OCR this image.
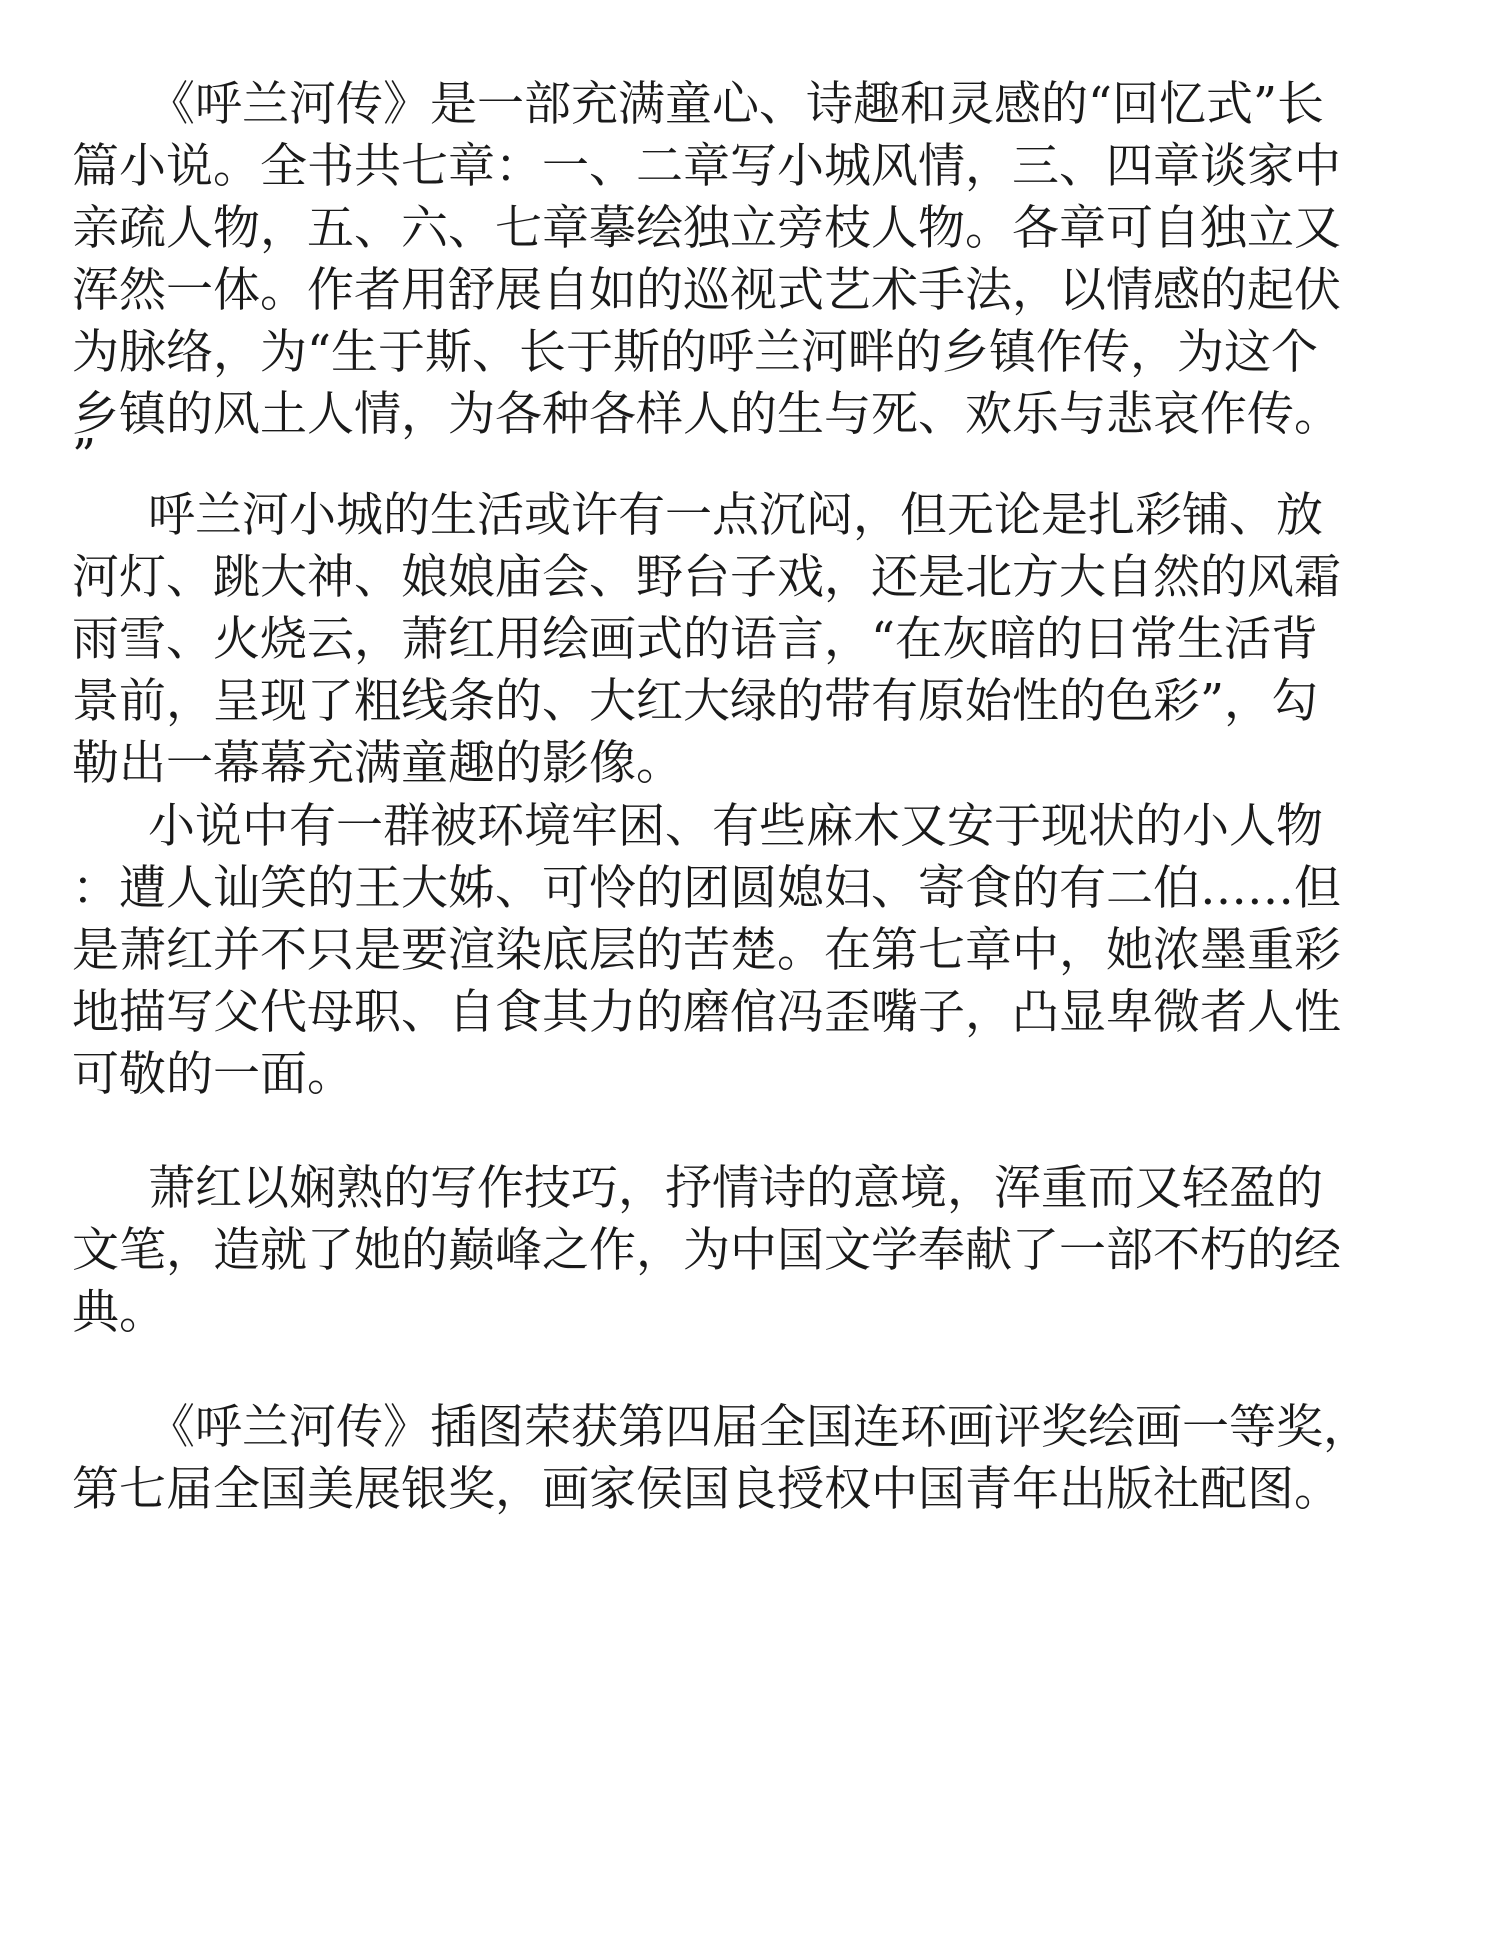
《呼兰河传》是一部充满童心、诗趣和灵感的“回忆式”长

篇小说。全书共七章：一、二章写小城风情，三、四章谈家中

亲疏人物，五、六、七章摹绘独立旁枝人物。各章可自独立又

浑然一体。作者用舒展自如的巡视式艺术手法，以情感的起伏

为脉络，为“生于斯、长于斯的呼兰河畔的乡镇作传，为这个

乡镇的风土人情，为各种各样人的生与死、欢乐与悲哀作传。

”

呼兰河小城的生活或许有一点沉闷，但无论是扎彩铺、放

河灯、跳大神、娘娘庙会、野台子戏，还是北方大自然的风霜

雨雪、火烧云，萧红用绘画式的语言，“在灰暗的日常生活背

景前，呈现了粗线条的、大红大绿的带有原始性的色彩”，勾

勒出一幕幕充满童趣的影像。

小说中有一群被环境牢困、有些麻木又安于现状的小人物

：遭人讪笑的王大姊、可怜的团圆媳妇、寄食的有二伯……但

是萧红并不只是要渲染底层的苦楚。在第七章中，她浓墨重彩

地描写父代母职、自食其力的磨倌冯歪嘴子，凸显卑微者人性

可敬的一面。

萧红以娴熟的写作技巧，抒情诗的意境，浑重而又轻盈的

文笔，造就了她的巅峰之作，为中国文学奉献了一部不朽的经

典。

《呼兰河传》插图荣获第四届全国连环画评奖绘画一等奖，

第七届全国美展银奖，画家侯国良授权中国青年出版社配图。
